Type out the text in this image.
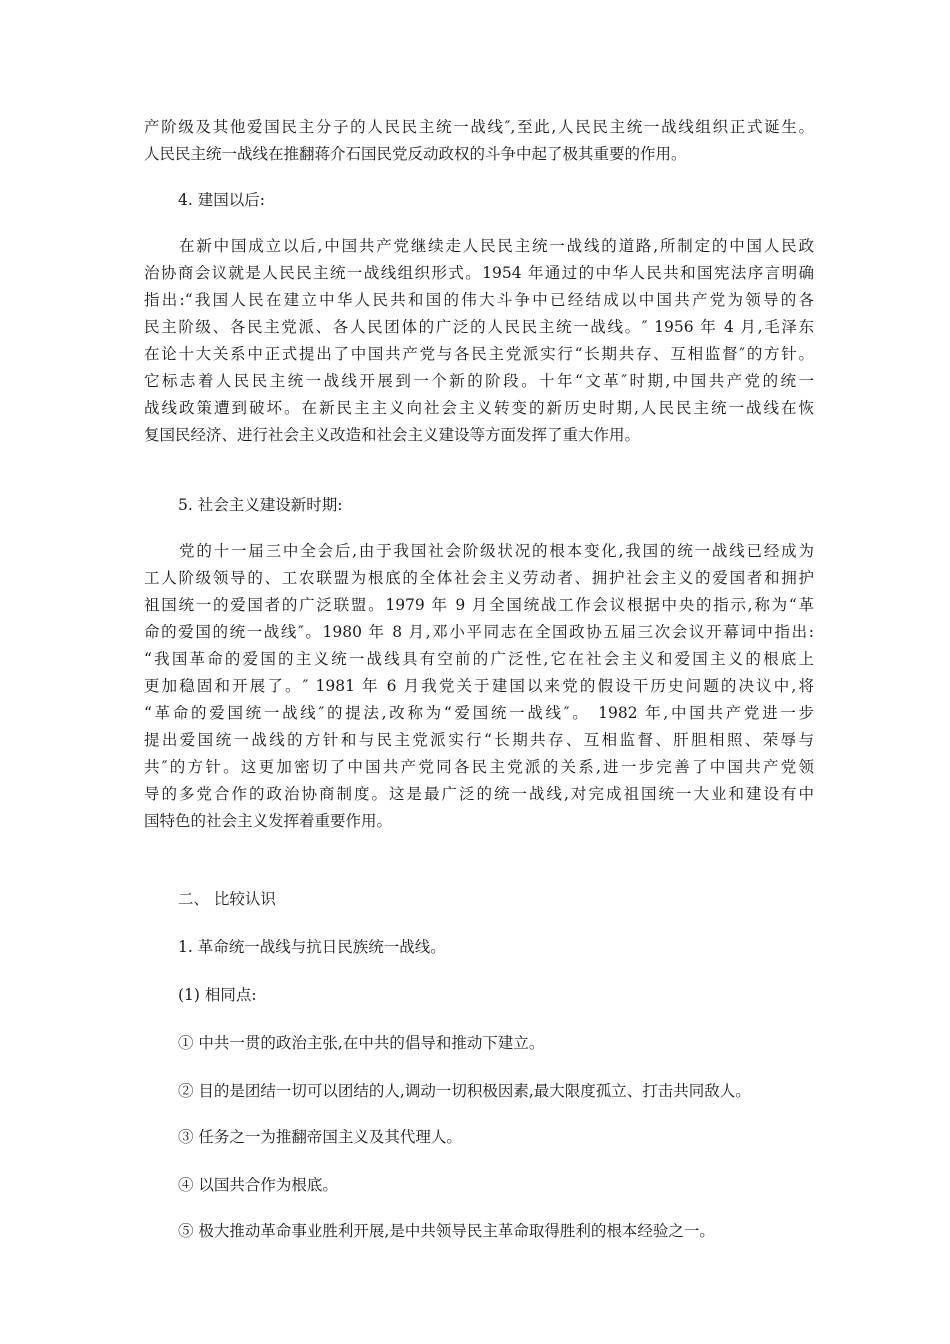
产阶级及其他爱国民主分子的人民民主统一战线″,至此,人民民主统一战线组织正式诞生。
人民民主统一战线在推翻蒋介石国民党反动政权的斗争中起了极其重要的作用。
4. 建国以后:
在新中国成立以后,中国共产党继续走人民民主统一战线的道路,所制定的中国人民政
治协商会议就是人民民主统一战线组织形式。1954 年通过的中华人民共和国宪法序言明确
指出:“我国人民在建立中华人民共和国的伟大斗争中已经结成以中国共产党为领导的各
民主阶级、各民主党派、各人民团体的广泛的人民民主统一战线。″ 1956 年 4 月,毛泽东
在论十大关系中正式提出了中国共产党与各民主党派实行“长期共存、互相监督″的方针。
它标志着人民民主统一战线开展到一个新的阶段。十年“文革″时期,中国共产党的统一
战线政策遭到破坏。在新民主主义向社会主义转变的新历史时期,人民民主统一战线在恢
复国民经济、进行社会主义改造和社会主义建设等方面发挥了重大作用。
5. 社会主义建设新时期:
党的十一届三中全会后,由于我国社会阶级状况的根本变化,我国的统一战线已经成为
工人阶级领导的、工农联盟为根底的全体社会主义劳动者、拥护社会主义的爱国者和拥护
祖国统一的爱国者的广泛联盟。1979 年 9 月全国统战工作会议根据中央的指示,称为“革
命的爱国的统一战线″。1980 年 8 月,邓小平同志在全国政协五届三次会议开幕词中指出:
“我国革命的爱国的主义统一战线具有空前的广泛性,它在社会主义和爱国主义的根底上
更加稳固和开展了。″ 1981 年 6 月我党关于建国以来党的假设干历史问题的决议中,将
“革命的爱国统一战线″的提法,改称为“爱国统一战线″。 1982 年,中国共产党进一步
提出爱国统一战线的方针和与民主党派实行“长期共存、互相监督、肝胆相照、荣辱与
共″的方针。这更加密切了中国共产党同各民主党派的关系,进一步完善了中国共产党领
导的多党合作的政治协商制度。这是最广泛的统一战线,对完成祖国统一大业和建设有中
国特色的社会主义发挥着重要作用。
二、 比较认识
1. 革命统一战线与抗日民族统一战线。
(1) 相同点:
① 中共一贯的政治主张,在中共的倡导和推动下建立。
② 目的是团结一切可以团结的人,调动一切积极因素,最大限度孤立、打击共同敌人。
③ 任务之一为推翻帝国主义及其代理人。
④ 以国共合作为根底。
⑤ 极大推动革命事业胜利开展,是中共领导民主革命取得胜利的根本经验之一。
